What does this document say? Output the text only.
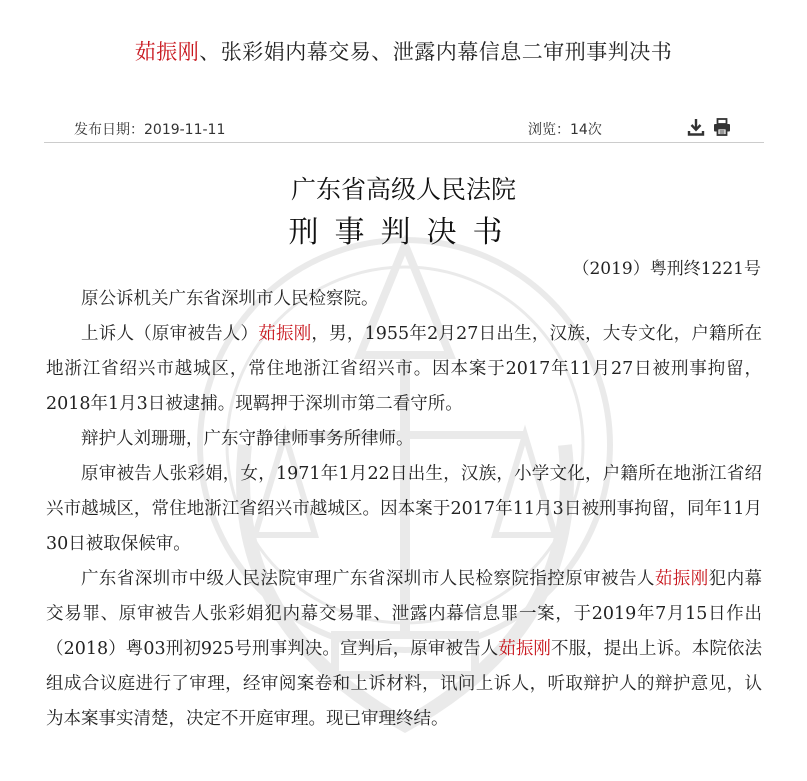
茹振刚、张彩娟内幕交易、泄露内幕信息二审刑事判决书
发布日期：2019-11-11	浏览：14次
广东省高级人民法院
刑事判决书
（2019）粤刑终1221号

原公诉机关广东省深圳市人民检察院。

上诉人（原审被告人）茹振刚，男，1955年2月27日出生，汉族，大专文化，户籍所在地浙江省绍兴市越城区，常住地浙江省绍兴市。因本案于2017年11月27日被刑事拘留，2018年1月3日被逮捕。现羁押于深圳市第二看守所。

辩护人刘珊珊，广东守静律师事务所律师。

原审被告人张彩娟，女，1971年1月22日出生，汉族，小学文化，户籍所在地浙江省绍兴市越城区，常住地浙江省绍兴市越城区。因本案于2017年11月3日被刑事拘留，同年11月30日被取保候审。

广东省深圳市中级人民法院审理广东省深圳市人民检察院指控原审被告人茹振刚犯内幕交易罪、原审被告人张彩娟犯内幕交易罪、泄露内幕信息罪一案，于2019年7月15日作出（2018）粤03刑初925号刑事判决。宣判后，原审被告人茹振刚不服，提出上诉。本院依法组成合议庭进行了审理，经审阅案卷和上诉材料，讯问上诉人，听取辩护人的辩护意见，认为本案事实清楚，决定不开庭审理。现已审理终结。
